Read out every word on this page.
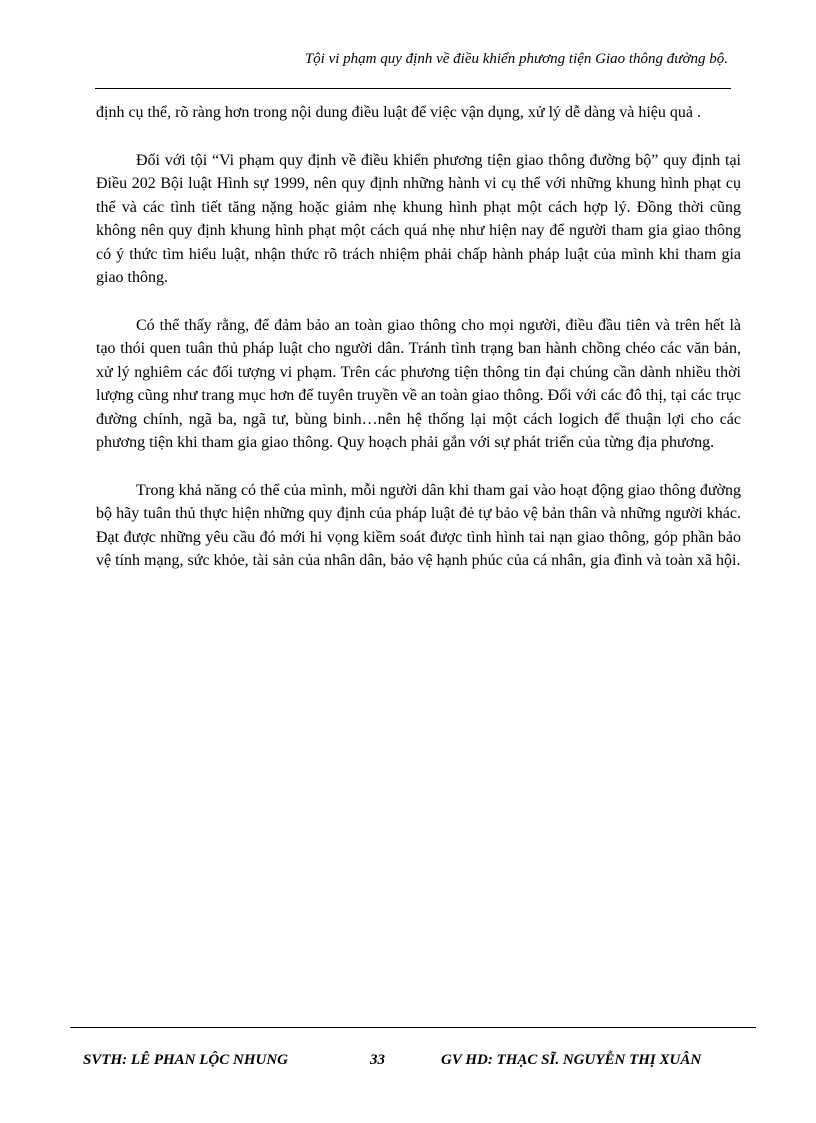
Tội vi phạm quy định về điều khiển phương tiện Giao thông đường bộ.

định cụ thể, rõ ràng hơn trong nội dung điều luật để việc vận dụng, xử lý dễ dàng và hiệu quả .

Đối với tội “Vi phạm quy định về điều khiển phương tiện giao thông đường bộ” quy định tại Điều 202 Bội luật Hình sự 1999, nên quy định những hành vi cụ thể với những khung hình phạt cụ thể và các tình tiết tăng nặng hoặc giảm nhẹ khung hình phạt một cách hợp lý. Đồng thời cũng không nên quy định khung hình phạt một cách quá nhẹ như hiện nay để người tham gia giao thông có ý thức tìm hiểu luật, nhận thức rõ trách nhiệm phải chấp hành pháp luật của mình khi tham gia giao thông.

Có thể thấy rằng, để đảm bảo an toàn giao thông cho mọi người, điều đầu tiên và trên hết là tạo thói quen tuân thủ pháp luật cho người dân. Tránh tình trạng ban hành chồng chéo các văn bản, xử lý nghiêm các đối tượng vi phạm. Trên các phương tiện thông tin đại chúng cần dành nhiều thời lượng cũng như trang mục hơn để tuyên truyền về an toàn giao thông. Đối với các đô thị, tại các trục đường chính, ngã ba, ngã tư, bùng binh…nên hệ thống lại một cách logich để thuận lợi cho các phương tiện khi tham gia giao thông. Quy hoạch phải gắn với sự phát triển của từng địa phương.

Trong khả năng có thể của mình, mỗi người dân khi tham gai vào hoạt động giao thông đường bộ hãy tuân thủ thực hiện những quy định của pháp luật đẻ tự bảo vệ bản thân và những người khác. Đạt được những yêu cầu đó mới hi vọng kiềm soát được tình hình tai nạn giao thông, góp phần bảo vệ tính mạng, sức khỏe, tài sản của nhân dân, bảo vệ hạnh phúc của cá nhân, gia đình và toàn xã hội.

SVTH: LÊ PHAN LỘC NHUNG	33	GV HD: THẠC SĨ. NGUYỄN THỊ XUÂN
